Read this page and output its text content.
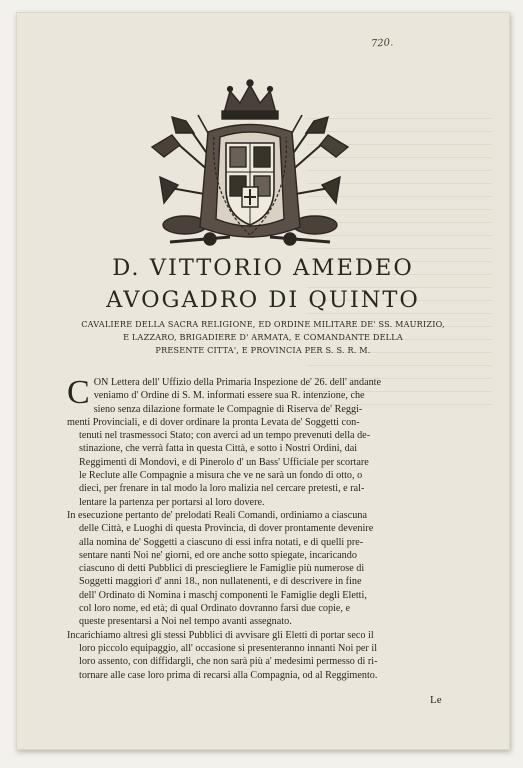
720.
D. VITTORIO AMEDEO
AVOGADRO DI QUINTO
CAVALIERE DELLA SACRA RELIGIONE, ED ORDINE MILITARE DE' SS. MAURIZIO,
E LAZZARO, BRIGADIERE D' ARMATA, E COMANDANTE DELLA
PRESENTE CITTA', E PROVINCIA PER S. S. R. M.
C ON Lettera dell' Uffizio della Primaria Inspezione de' 26. dell' andante
veniamo d' Ordine di S. M. informati essere sua R. intenzione, che
sieno senza dilazione formate le Compagnie di Riserva de' Reggi-
menti Provinciali, e di dover ordinare la pronta Levata de' Soggetti con-
tenuti nel trasmessoci Stato; con averci ad un tempo prevenuti della de-
stinazione, che verrà fatta in questa Città, e sotto i Nostri Ordini, dai
Reggimenti di Mondovì, e di Pinerolo d' un Bass' Ufficiale per scortare
le Reclute alle Compagnie a misura che ve ne sarà un fondo di otto, o
dieci, per frenare in tal modo la loro malizia nel cercare pretesti, e ral-
lentare la partenza per portarsi al loro dovere.
In esecuzione pertanto de' prelodati Reali Comandi, ordiniamo a ciascuna
delle Città, e Luoghi di questa Provincia, di dover prontamente devenire
alla nomina de' Soggetti a ciascuno di essi infra notati, e di quelli pre-
sentare nanti Noi ne' giorni, ed ore anche sotto spiegate, incaricando
ciascuno di detti Pubblici di presciegliere le Famiglie più numerose di
Soggetti maggiori d' anni 18., non nullatenenti, e di descrivere in fine
dell' Ordinato di Nomina i maschj componenti le Famiglie degli Eletti,
col loro nome, ed età; di qual Ordinato dovranno farsi due copie, e
queste presentarsi a Noi nel tempo avanti assegnato.
Incarichiamo altresì gli stessi Pubblici di avvisare gli Eletti di portar seco il
loro piccolo equipaggio, all' occasione si presenteranno innanti Noi per il
loro assento, con diffidargli, che non sarà più a' medesimi permesso di ri-
tornare alle case loro prima di recarsi alla Compagnia, od al Reggimento.
Le
